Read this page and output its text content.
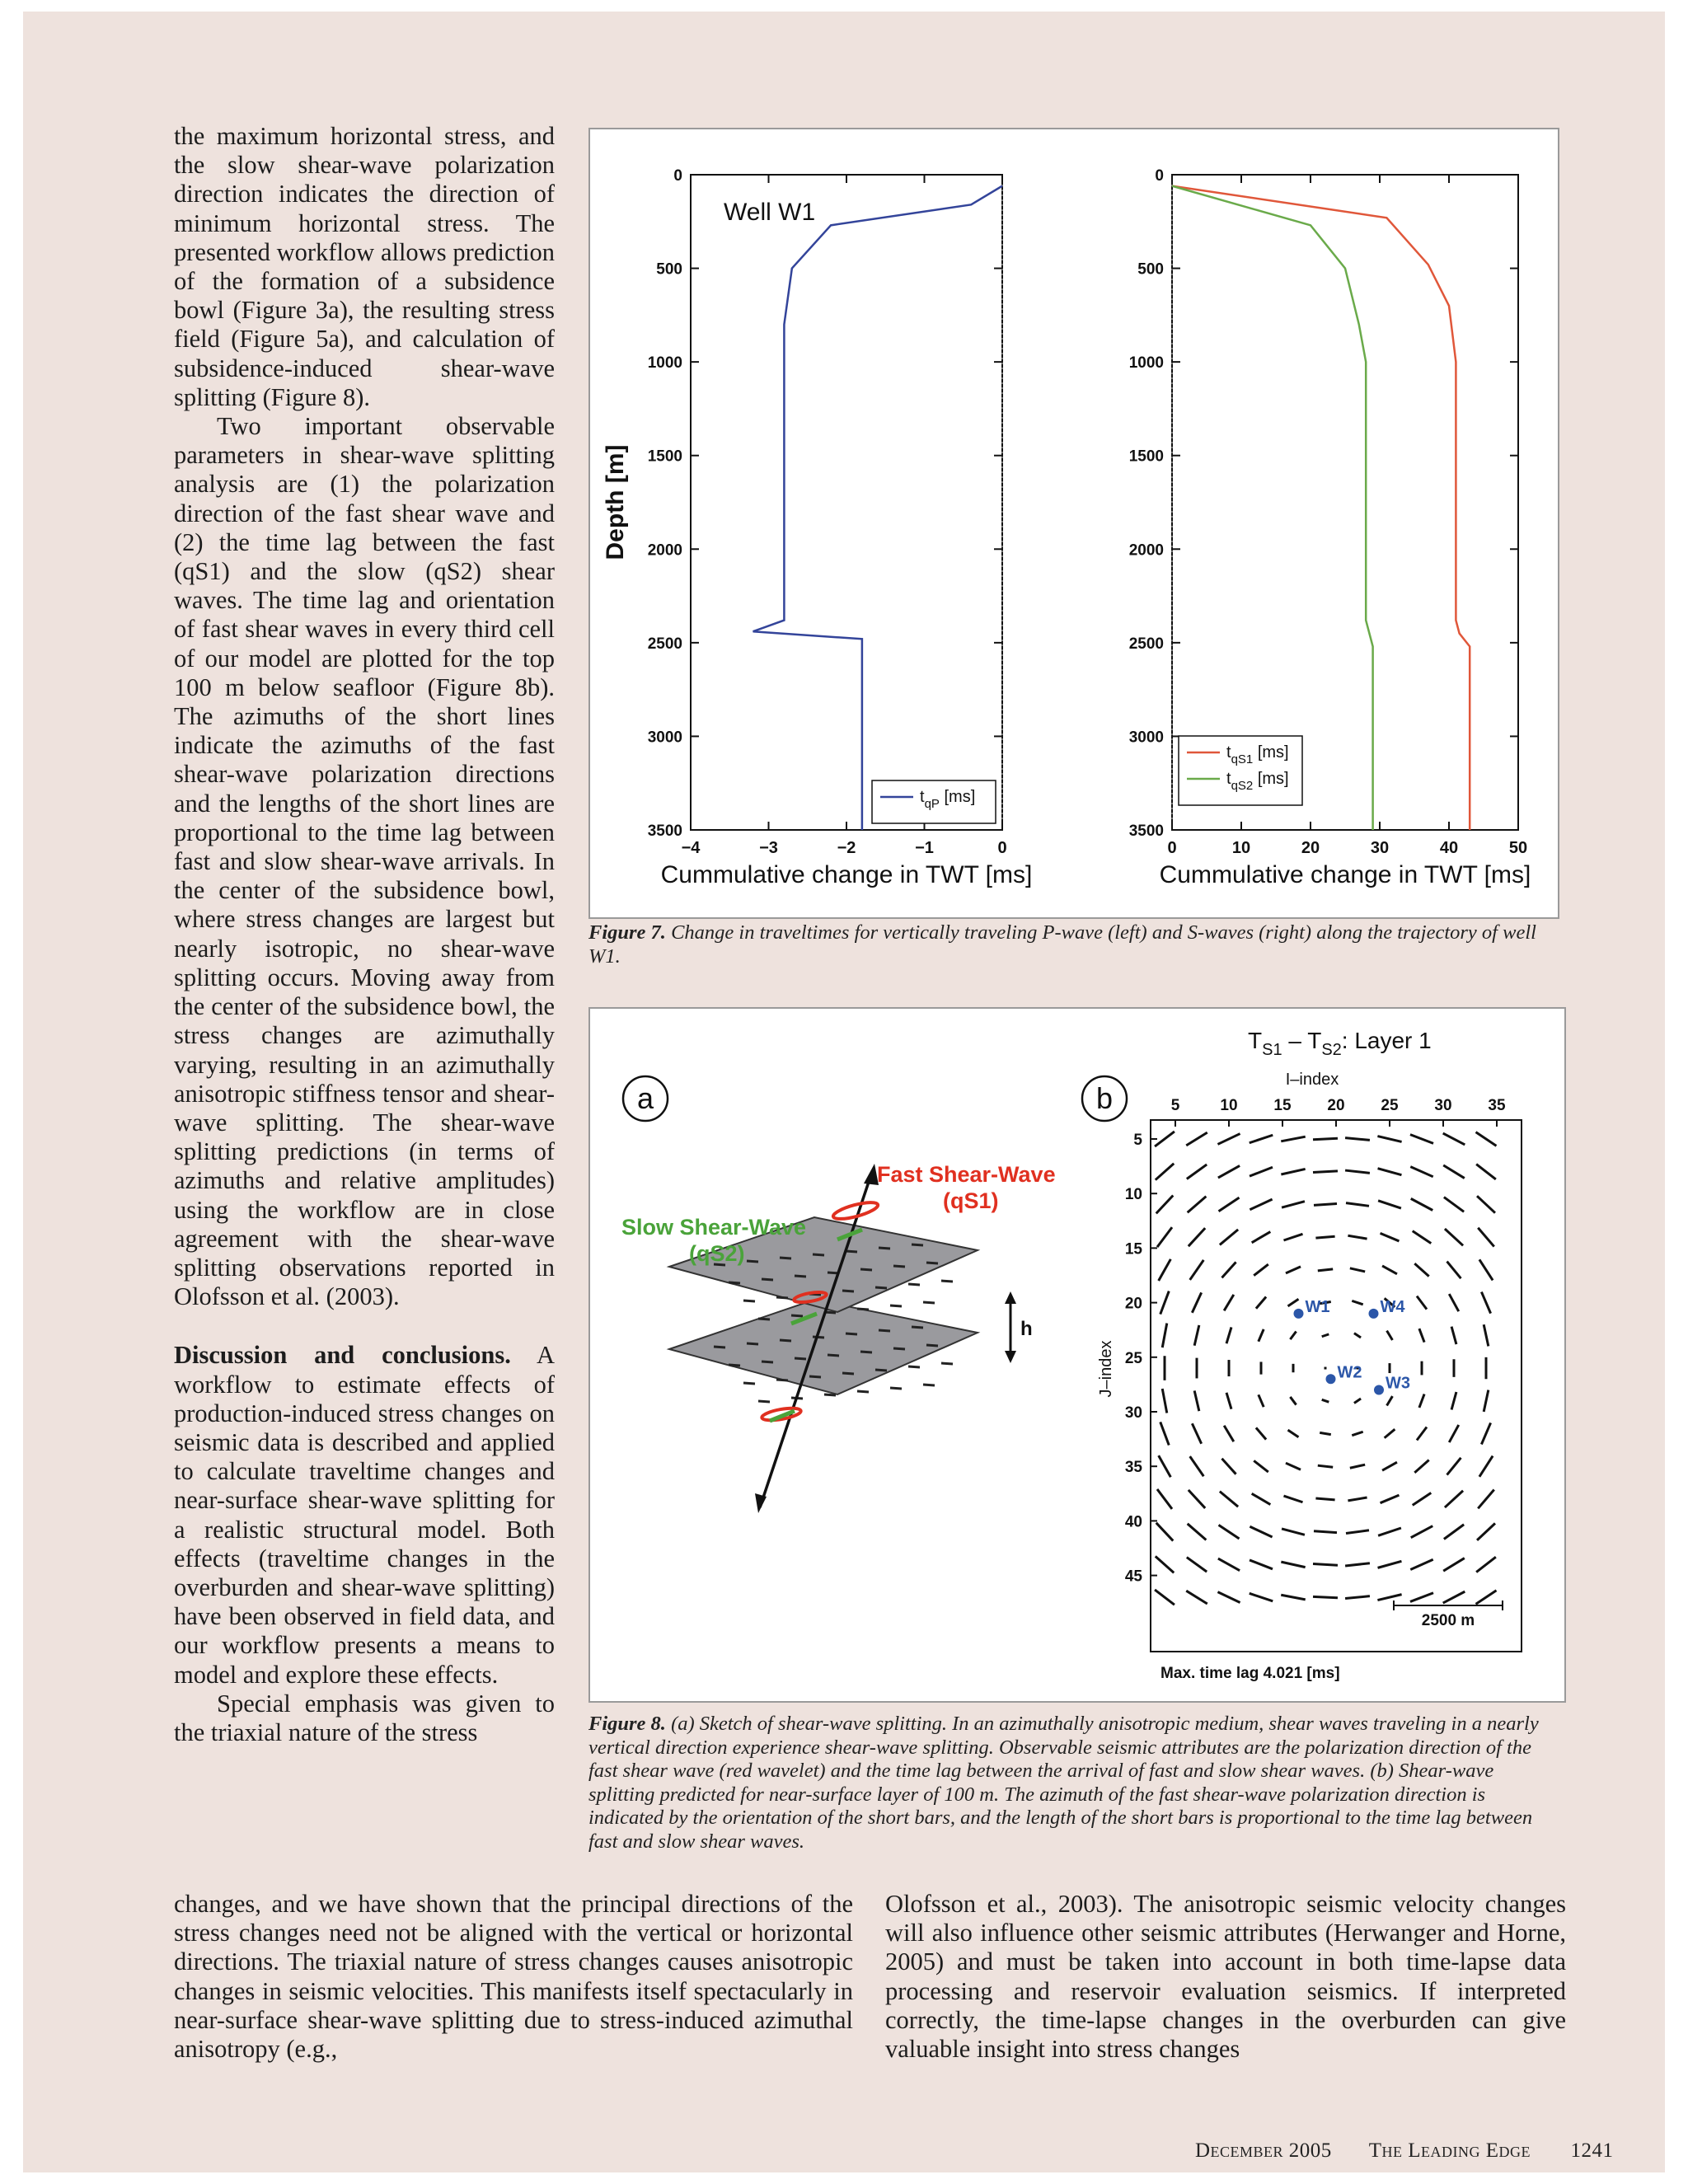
the maximum horizontal stress, and the slow shear-wave polarization direction indicates the direction of minimum horizontal stress. The presented workflow allows prediction of the formation of a subsidence bowl (Figure 3a), the resulting stress field (Figure 5a), and calculation of subsidence-induced shear-wave splitting (Figure 8).

Two important observable parameters in shear-wave splitting analysis are (1) the polarization direction of the fast shear wave and (2) the time lag between the fast (qS1) and the slow (qS2) shear waves. The time lag and orientation of fast shear waves in every third cell of our model are plotted for the top 100 m below seafloor (Figure 8b). The azimuths of the short lines indicate the azimuths of the fast shear-wave polarization directions and the lengths of the short lines are proportional to the time lag between fast and slow shear-wave arrivals. In the center of the subsidence bowl, where stress changes are largest but nearly isotropic, no shear-wave splitting occurs. Moving away from the center of the subsidence bowl, the stress changes are azimuthally varying, resulting in an azimuthally anisotropic stiffness tensor and shear-wave splitting. The shear-wave splitting predictions (in terms of azimuths and relative amplitudes) using the workflow are in close agreement with the shear-wave splitting observations reported in Olofsson et al. (2003).

Discussion and conclusions. A workflow to estimate effects of production-induced stress changes on seismic data is described and applied to calculate traveltime changes and near-surface shear-wave splitting for a realistic structural model. Both effects (traveltime changes in the overburden and shear-wave splitting) have been observed in field data, and our workflow presents a means to model and explore these effects.

Special emphasis was given to the triaxial nature of the stress

0
500
1000
1500
2000
2500
3000
3500
−4	−3	−2	−1	0
Cummulative change in TWT [ms]
Depth [m]
Well W1
$t_{qP}$ [ms]
0
500
1000
1500
2000
2500
3000
3500
0	10	20	30	40	50
Cummulative change in TWT [ms]
$t_{qS1}$ [ms]
$t_{qS2}$ [ms]
Figure 7. Change in traveltimes for vertically traveling P-wave (left) and S-waves (right) along the trajectory of well W1.
a
Fast Shear-Wave
(qS1)
Slow Shear-Wave
(qS2)
h
b
$T_{S1} - T_{S2}$: Layer 1
I–index
J–index
5	10 15 20 25 30 35
5
10
15
20
25
30
35
40
45
W1	W4
W2
W3
2500 m
Max. time lag 4.021 [ms]
Figure 8. (a) Sketch of shear-wave splitting. In an azimuthally anisotropic medium, shear waves traveling in a nearly vertical direction experience shear-wave splitting. Observable seismic attributes are the polarization direction of the fast shear wave (red wavelet) and the time lag between the arrival of fast and slow shear waves. (b) Shear-wave splitting predicted for near-surface layer of 100 m. The azimuth of the fast shear-wave polarization direction is indicated by the orientation of the short bars, and the length of the short bars is proportional to the time lag between fast and slow shear waves.

changes, and we have shown that the principal directions of the stress changes need not be aligned with the vertical or horizontal directions. The triaxial nature of stress changes causes anisotropic changes in seismic velocities. This manifests itself spectacularly in near-surface shear-wave splitting due to stress-induced azimuthal anisotropy (e.g.,

Olofsson et al., 2003). The anisotropic seismic velocity changes will also influence other seismic attributes (Herwanger and Horne, 2005) and must be taken into account in both time-lapse data processing and reservoir evaluation seismics. If interpreted correctly, the time-lapse changes in the overburden can give valuable insight into stress changes

December 2005 The Leading Edge 1241
